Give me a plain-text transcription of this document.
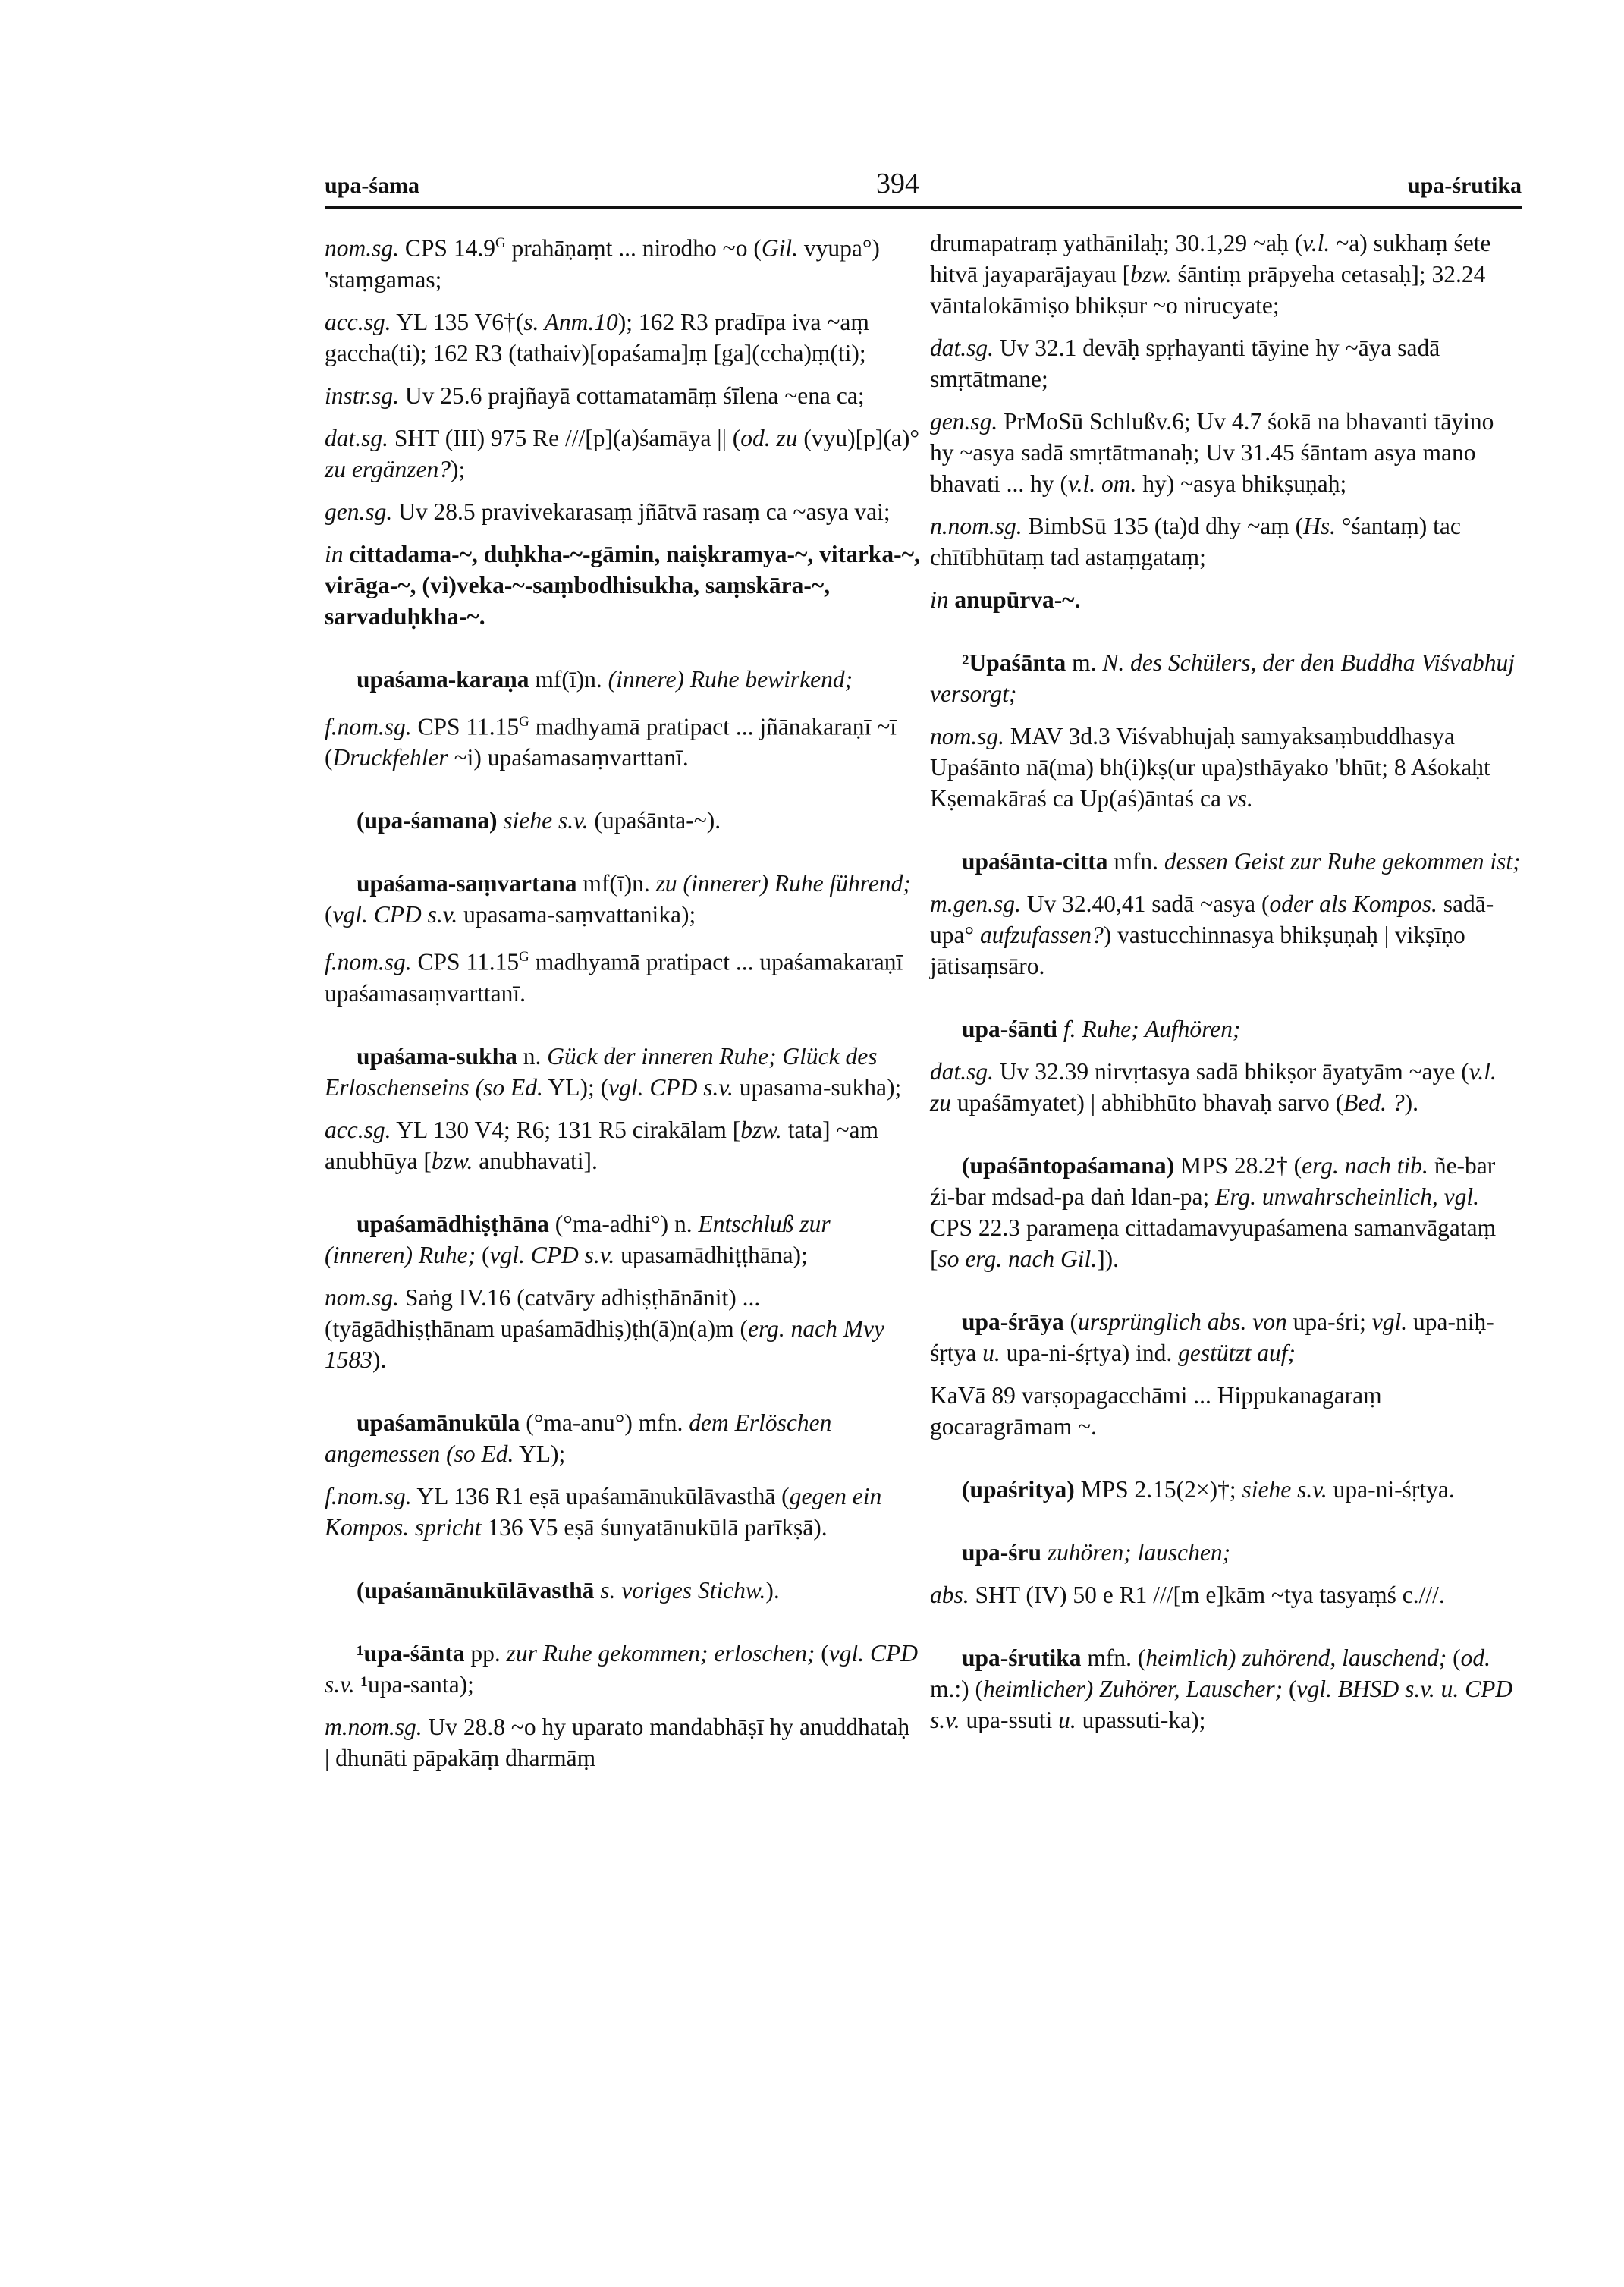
upa-śama	394	upa-śrutika

nom.sg. CPS $14.9^G$ prahāṇaṃt ... nirodho ~o (Gil. vyupa°) 'staṃgamas;

acc.sg. YL 135 V6†(s. Anm.10); 162 R3 pradīpa iva ~aṃ gaccha(ti); 162 R3 (tathaiv)[opaśama]ṃ [ga](ccha)ṃ(ti);

instr.sg. Uv 25.6 prajñayā cottamatamāṃ śīlena ~ena ca;

dat.sg. SHT (III) 975 Re ///[p](a)śamāya || (od. zu (vyu)[p](a)° zu ergänzen?);

gen.sg. Uv 28.5 pravivekarasaṃ jñātvā rasaṃ ca ~asya vai;

in cittadama-~, duḥkha-~-gāmin, naiṣkramya-~, vitarka-~, virāga-~, (vi)veka-~-saṃbodhisukha, saṃskāra-~, sarvaduḥkha-~.

upaśama-karaṇa mf(ī)n. (innere) Ruhe bewirkend;

f.nom.sg. CPS $11.15^G$ madhyamā pratipact ... jñānakaraṇī ~ī (Druckfehler ~i) upaśamasaṃvarttanī.

(upa-śamana) siehe s.v. (upaśānta-~).

upaśama-saṃvartana mf(ī)n. zu (innerer) Ruhe führend; (vgl. CPD s.v. upasama-saṃvattanika);

f.nom.sg. CPS $11.15^G$ madhyamā pratipact ... upaśamakaraṇī upaśamasaṃvarttanī.

upaśama-sukha n. Gück der inneren Ruhe; Glück des Erloschenseins (so Ed. YL); (vgl. CPD s.v. upasama-sukha);

acc.sg. YL 130 V4; R6; 131 R5 cirakālam [bzw. tata] ~am anubhūya [bzw. anubhavati].

upaśamādhiṣṭhāna (°ma-adhi°) n. Entschluß zur (inneren) Ruhe; (vgl. CPD s.v. upasamādhiṭṭhāna);

nom.sg. Saṅg IV.16 (catvāry adhiṣṭhānānit) ... (tyāgādhiṣṭhānam upaśamādhiṣ)ṭh(ā)n(a)m (erg. nach Mvy 1583).

upaśamānukūla (°ma-anu°) mfn. dem Erlöschen angemessen (so Ed. YL);

f.nom.sg. YL 136 R1 eṣā upaśamānukūlāvasthā (gegen ein Kompos. spricht 136 V5 eṣā śunyatānukūlā parīkṣā).

(upaśamānukūlāvasthā s. voriges Stichw.).

¹upa-śānta pp. zur Ruhe gekommen; erloschen; (vgl. CPD s.v. ¹upa-santa);

m.nom.sg. Uv 28.8 ~o hy uparato mandabhāṣī hy anuddhataḥ | dhunāti pāpakāṃ dharmāṃ

drumapatraṃ yathānilaḥ; 30.1,29 ~aḥ (v.l. ~a) sukhaṃ śete hitvā jayaparājayau [bzw. śāntiṃ prāpyeha cetasaḥ]; 32.24 vāntalokāmiṣo bhikṣur ~o nirucyate;

dat.sg. Uv 32.1 devāḥ spṛhayanti tāyine hy ~āya sadā smṛtātmane;

gen.sg. PrMoSū Schlußv.6; Uv 4.7 śokā na bhavanti tāyino hy ~asya sadā smṛtātmanaḥ; Uv 31.45 śāntam asya mano bhavati ... hy (v.l. om. hy) ~asya bhikṣuṇaḥ;

n.nom.sg. BimbSū 135 (ta)d dhy ~aṃ (Hs. °śantaṃ) tac chītībhūtaṃ tad astaṃgataṃ;

in anupūrva-~.

²Upaśānta m. N. des Schülers, der den Buddha Viśvabhuj versorgt;

nom.sg. MAV 3d.3 Viśvabhujaḥ samyaksaṃbuddhasya Upaśānto nā(ma) bh(i)kṣ(ur upa)sthāyako 'bhūt; 8 Aśokaḥt Kṣemakāraś ca Up(aś)āntaś ca vs.

upaśānta-citta mfn. dessen Geist zur Ruhe gekommen ist;

m.gen.sg. Uv 32.40,41 sadā ~asya (oder als Kompos. sadā-upa° aufzufassen?) vastucchinnasya bhikṣuṇaḥ | vikṣīṇo jātisaṃsāro.

upa-śānti f. Ruhe; Aufhören;

dat.sg. Uv 32.39 nirvṛtasya sadā bhikṣor āyatyām ~aye (v.l. zu upaśāmyatet) | abhibhūto bhavaḥ sarvo (Bed. ?).

(upaśāntopaśamana) MPS 28.2† (erg. nach tib. ñe-bar źi-bar mdsad-pa daṅ ldan-pa; Erg. unwahrscheinlich, vgl. CPS 22.3 parameṇa cittadamavyupaśamena samanvāgataṃ [so erg. nach Gil.]).

upa-śrāya (ursprünglich abs. von upa-śri; vgl. upa-niḥ-śṛtya u. upa-ni-śṛtya) ind. gestützt auf;

KaVā 89 varṣopagacchāmi ... Hippukanagaraṃ gocaragrāmam ~.

(upaśritya) MPS 2.15(2×)†; siehe s.v. upa-ni-śṛtya.

upa-śru zuhören; lauschen;

abs. SHT (IV) 50 e R1 ///[m e]kām ~tya tasyaṃś c.///.

upa-śrutika mfn. (heimlich) zuhörend, lauschend; (od. m.:) (heimlicher) Zuhörer, Lauscher; (vgl. BHSD s.v. u. CPD s.v. upa-ssuti u. upassuti-ka);
